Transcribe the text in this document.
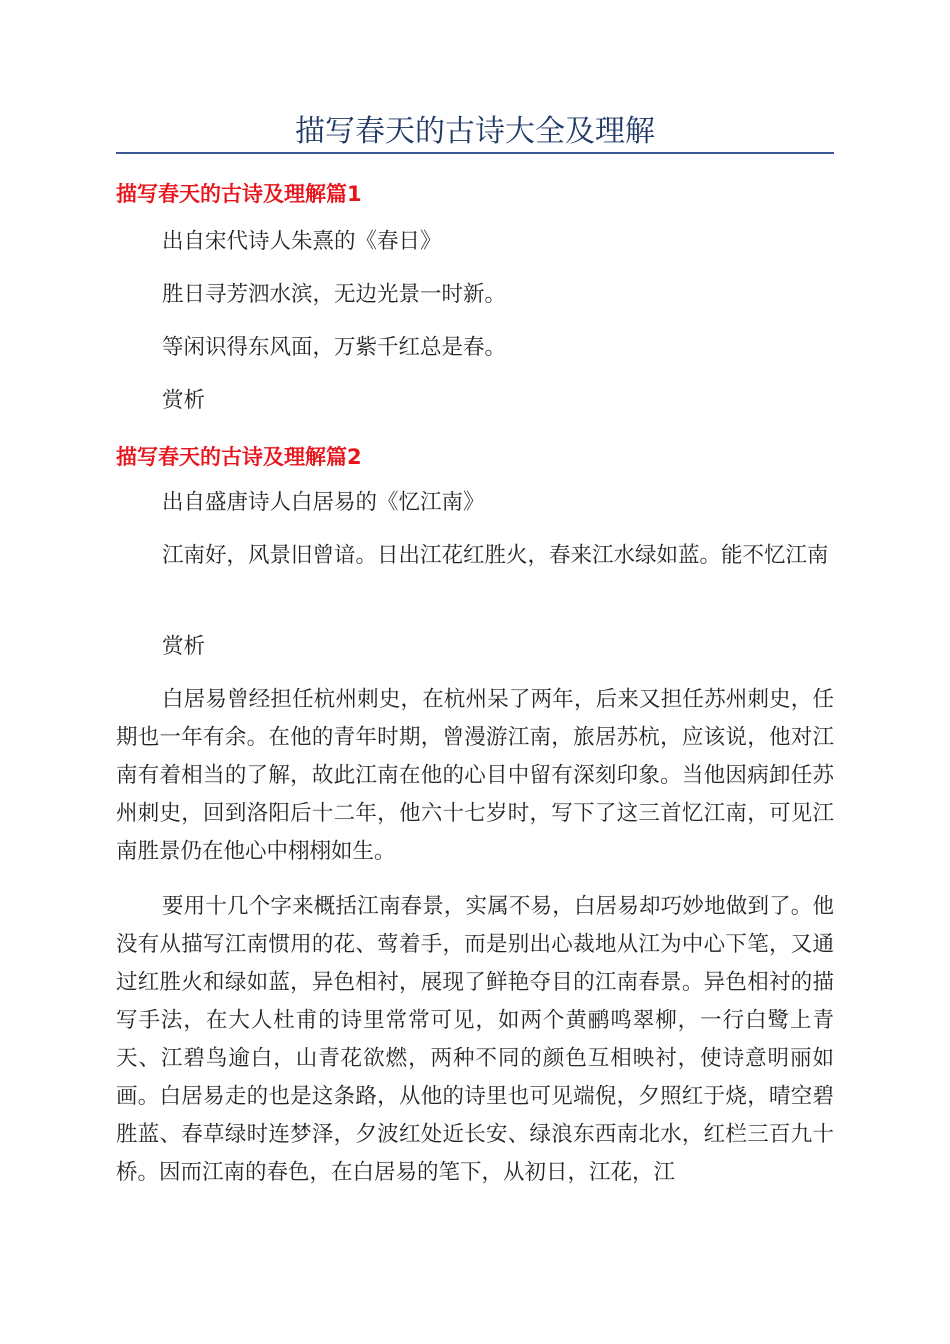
描写春天的古诗大全及理解
描写春天的古诗及理解篇1

出自宋代诗人朱熹的《春日》

胜日寻芳泗水滨，无边光景一时新。

等闲识得东风面，万紫千红总是春。

赏析

描写春天的古诗及理解篇2

出自盛唐诗人白居易的《忆江南》

江南好，风景旧曾谙。日出江花红胜火，春来江水绿如蓝。能不忆江南

赏析

白居易曾经担任杭州刺史，在杭州呆了两年，后来又担任苏州刺史，任期也一年有余。在他的青年时期，曾漫游江南，旅居苏杭，应该说，他对江南有着相当的了解，故此江南在他的心目中留有深刻印象。当他因病卸任苏州刺史，回到洛阳后十二年，他六十七岁时，写下了这三首忆江南，可见江南胜景仍在他心中栩栩如生。

要用十几个字来概括江南春景，实属不易，白居易却巧妙地做到了。他没有从描写江南惯用的花、莺着手，而是别出心裁地从江为中心下笔，又通过红胜火和绿如蓝，异色相衬，展现了鲜艳夺目的江南春景。异色相衬的描写手法，在大人杜甫的诗里常常可见，如两个黄鹂鸣翠柳，一行白鹭上青天、江碧鸟逾白，山青花欲燃，两种不同的颜色互相映衬，使诗意明丽如画。白居易走的也是这条路，从他的诗里也可见端倪，夕照红于烧，晴空碧胜蓝、春草绿时连梦泽，夕波红处近长安、绿浪东西南北水，红栏三百九十桥。因而江南的春色，在白居易的笔下，从初日，江花，江
